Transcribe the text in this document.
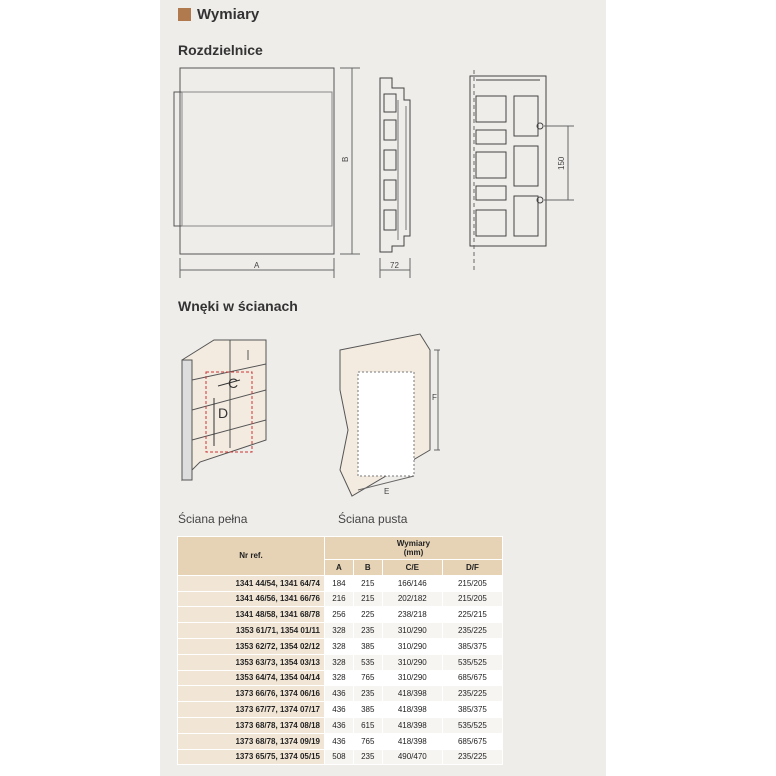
Wymiary
Rozdzielnice
B
A	72
150
Wnęki w ścianach
C
D
F
E
Ściana pełna	Ściana pusta
Nr ref.	Wymiary
(mm)			

	A	B	C/E	D/F
1341 44/54, 1341 64/74	184	215	166/146	215/205
1341 46/56, 1341 66/76	216	215	202/182	215/205
1341 48/58, 1341 68/78	256	225	238/218	225/215
1353 61/71, 1354 01/11	328	235	310/290	235/225
1353 62/72, 1354 02/12	328	385	310/290	385/375
1353 63/73, 1354 03/13	328	535	310/290	535/525
1353 64/74, 1354 04/14	328	765	310/290	685/675
1373 66/76, 1374 06/16	436	235	418/398	235/225
1373 67/77, 1374 07/17	436	385	418/398	385/375
1373 68/78, 1374 08/18	436	615	418/398	535/525
1373 68/78, 1374 09/19	436	765	418/398	685/675
1373 65/75, 1374 05/15	508	235	490/470	235/225
